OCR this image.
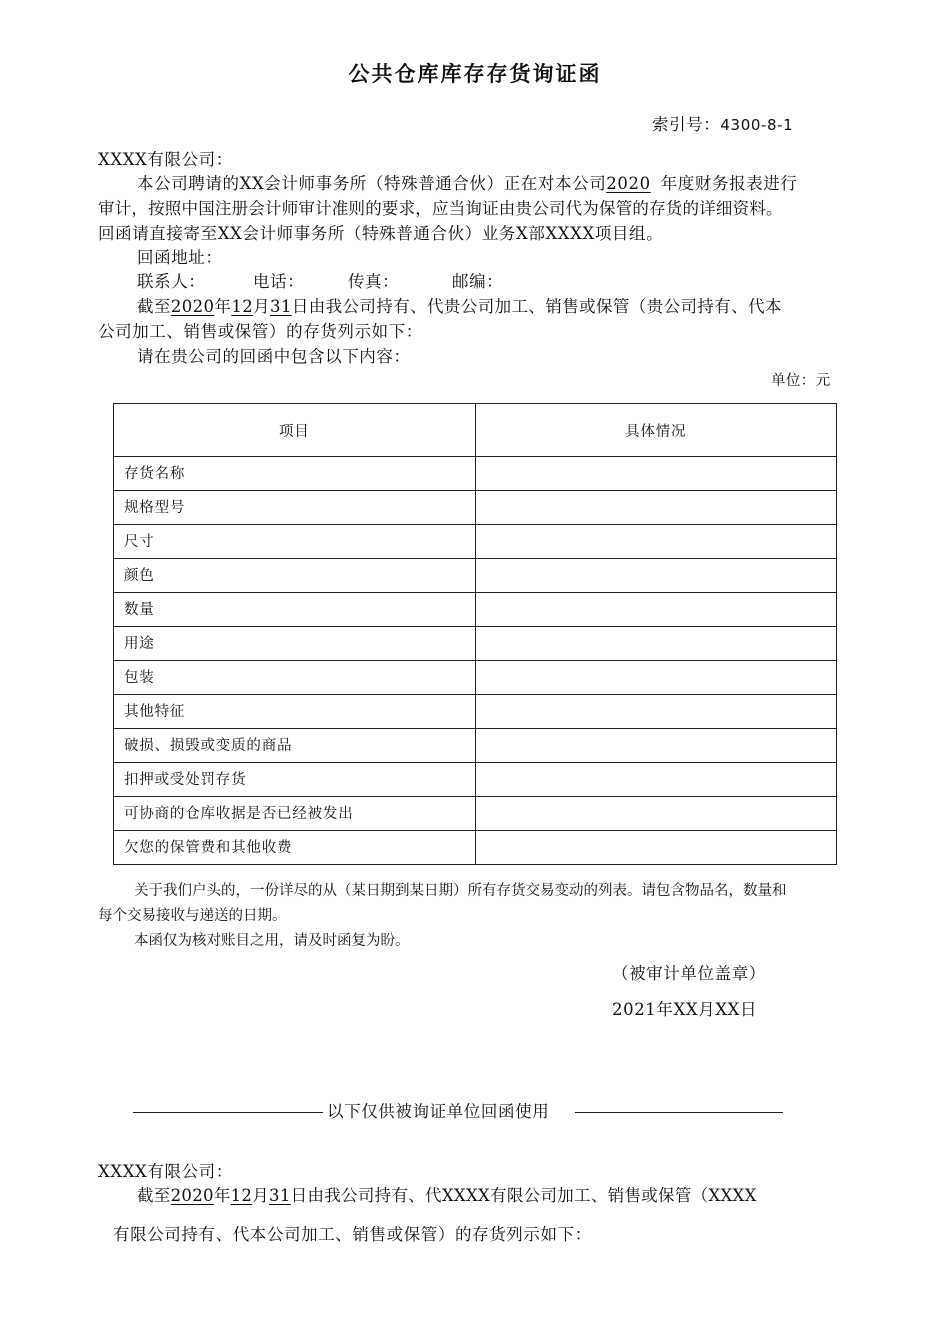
公共仓库库存存货询证函
索引号：4300-8-1
XXXX有限公司：
本公司聘请的XX会计师事务所（特殊普通合伙）正在对本公司2020 年度财务报表进行
审计，按照中国注册会计师审计准则的要求，应当询证由贵公司代为保管的存货的详细资料。
回函请直接寄至XX会计师事务所（特殊普通合伙）业务X部XXXX项目组。
回函地址：
联系人：	电话：	传真：	邮编：
截至2020年12月31日由我公司持有、代贵公司加工、销售或保管（贵公司持有、代本
公司加工、销售或保管）的存货列示如下：
请在贵公司的回函中包含以下内容：
单位：元
项目	具体情况
存货名称	
规格型号	
尺寸	
颜色	
数量	
用途	
包装	
其他特征	
破损、损毁或变质的商品	
扣押或受处罚存货	
可协商的仓库收据是否已经被发出	
欠您的保管费和其他收费	
关于我们户头的，一份详尽的从（某日期到某日期）所有存货交易变动的列表。请包含物品名，数量和
每个交易接收与递送的日期。
本函仅为核对账目之用，请及时函复为盼。
（被审计单位盖章）
2021年XX月XX日
以下仅供被询证单位回函使用
XXXX有限公司：
截至2020年12月31日由我公司持有、代XXXX有限公司加工、销售或保管（XXXX
有限公司持有、代本公司加工、销售或保管）的存货列示如下：
